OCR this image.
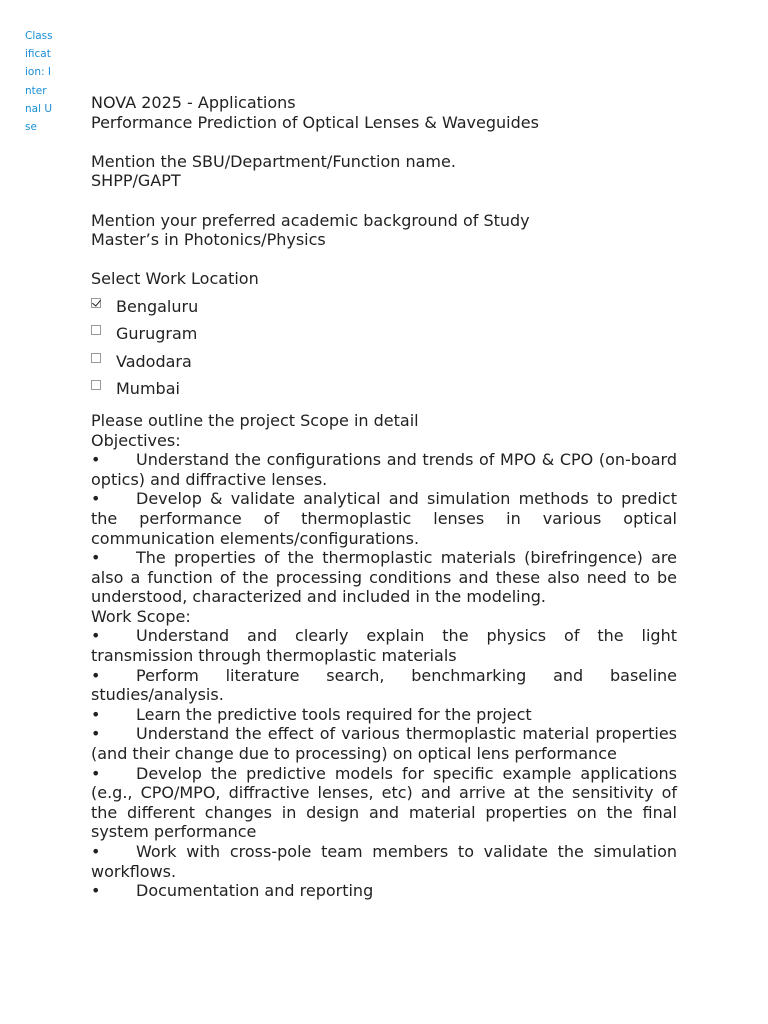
Classification: Internal Use

NOVA 2025 - Applications

Performance Prediction of Optical Lenses & Waveguides

Mention the SBU/Department/Function name.

SHPP/GAPT

Mention your preferred academic background of Study

Master’s in Photonics/Physics

Select Work Location

Bengaluru
Gurugram
Vadodara
Mumbai

Please outline the project Scope in detail

Objectives:

• Understand the configurations and trends of MPO & CPO (on-board optics) and diffractive lenses.

• Develop & validate analytical and simulation methods to predict the performance of thermoplastic lenses in various optical communication elements/configurations.

• The properties of the thermoplastic materials (birefringence) are also a function of the processing conditions and these also need to be understood, characterized and included in the modeling.

Work Scope:

• Understand and clearly explain the physics of the light transmission through thermoplastic materials

• Perform literature search, benchmarking and baseline studies/analysis.

• Learn the predictive tools required for the project

• Understand the effect of various thermoplastic material properties (and their change due to processing) on optical lens performance

• Develop the predictive models for specific example applications (e.g., CPO/MPO, diffractive lenses, etc) and arrive at the sensitivity of the different changes in design and material properties on the final system performance

• Work with cross-pole team members to validate the simulation workflows.

• Documentation and reporting
